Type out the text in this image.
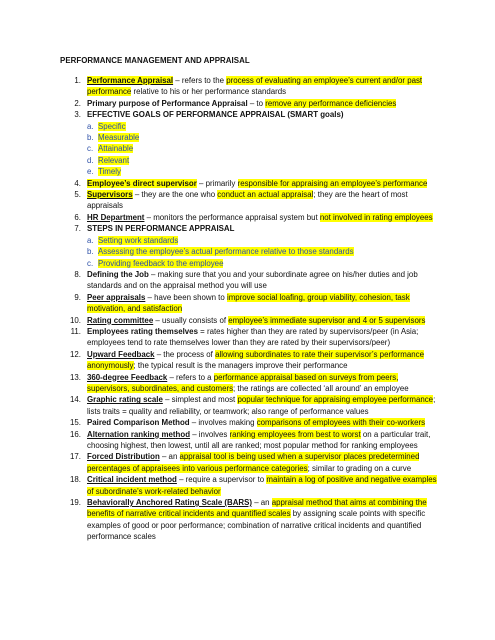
PERFORMANCE MANAGEMENT AND APPRAISAL
1. Performance Appraisal – refers to the process of evaluating an employee’s current and/or past performance relative to his or her performance standards
2. Primary purpose of Performance Appraisal – to remove any performance deficiencies
3. EFFECTIVE GOALS OF PERFORMANCE APPRAISAL (SMART goals)
a. Specific
b. Measurable
c. Attainable
d. Relevant
e. Timely
4. Employee’s direct supervisor – primarily responsible for appraising an employee’s performance
5. Supervisors – they are the one who conduct an actual appraisal; they are the heart of most appraisals
6. HR Department – monitors the performance appraisal system but not involved in rating employees
7. STEPS IN PERFORMANCE APPRAISAL
a. Setting work standards
b. Assessing the employee’s actual performance relative to those standards
c. Providing feedback to the employee
8. Defining the Job – making sure that you and your subordinate agree on his/her duties and job standards and on the appraisal method you will use
9. Peer appraisals – have been shown to improve social loafing, group viability, cohesion, task motivation, and satisfaction
10. Rating committee – usually consists of employee’s immediate supervisor and 4 or 5 supervisors
11. Employees rating themselves = rates higher than they are rated by supervisors/peer (in Asia; employees tend to rate themselves lower than they are rated by their supervisors/peer)
12. Upward Feedback – the process of allowing subordinates to rate their supervisor’s performance anonymously; the typical result is the managers improve their performance
13. 360-degree Feedback – refers to a performance appraisal based on surveys from peers, supervisors, subordinates, and customers; the ratings are collected ‘all around’ an employee
14. Graphic rating scale – simplest and most popular technique for appraising employee performance; lists traits = quality and reliability, or teamwork; also range of performance values
15. Paired Comparison Method – involves making comparisons of employees with their co-workers
16. Alternation ranking method – involves ranking employees from best to worst on a particular trait, choosing highest, then lowest, until all are ranked; most popular method for ranking employees
17. Forced Distribution – an appraisal tool is being used when a supervisor places predetermined percentages of appraisees into various performance categories; similar to grading on a curve
18. Critical incident method – require a supervisor to maintain a log of positive and negative examples of subordinate’s work-related behavior
19. Behaviorally Anchored Rating Scale (BARS) – an appraisal method that aims at combining the benefits of narrative critical incidents and quantified scales by assigning scale points with specific examples of good or poor performance; combination of narrative critical incidents and quantified performance scales
